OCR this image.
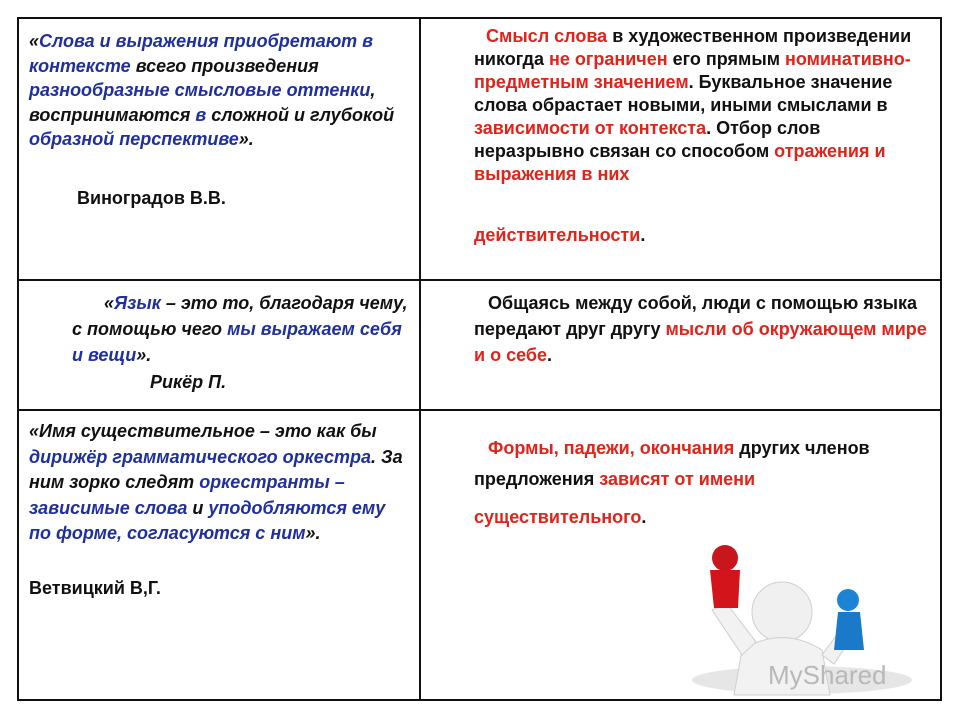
«Слова и выражения приобретают в контексте всего произведения разнообразные смысловые оттенки, воспринимаются в сложной и глубокой образной перспективе».
Виноградов В.В.
Смысл слова в художественном произведении никогда не ограничен его прямым номинативно-предметным значением. Буквальное значение слова обрастает новыми, иными смыслами в зависимости от контекста. Отбор слов неразрывно связан со способом отражения и выражения в них
действительности.
«Язык – это то, благодаря чему, с помощью чего мы выражаем себя и вещи».
Рикёр П.
Общаясь между собой, люди с помощью языка передают друг другу мысли об окружающем мире и о себе.
«Имя существительное – это как бы дирижёр грамматического оркестра. За ним зорко следят оркестранты – зависимые слова и уподобляются ему по форме, согласуются с ним».
Ветвицкий В,Г.
Формы, падежи, окончания других членов предложения зависят от имени
существительного.
MyShared
